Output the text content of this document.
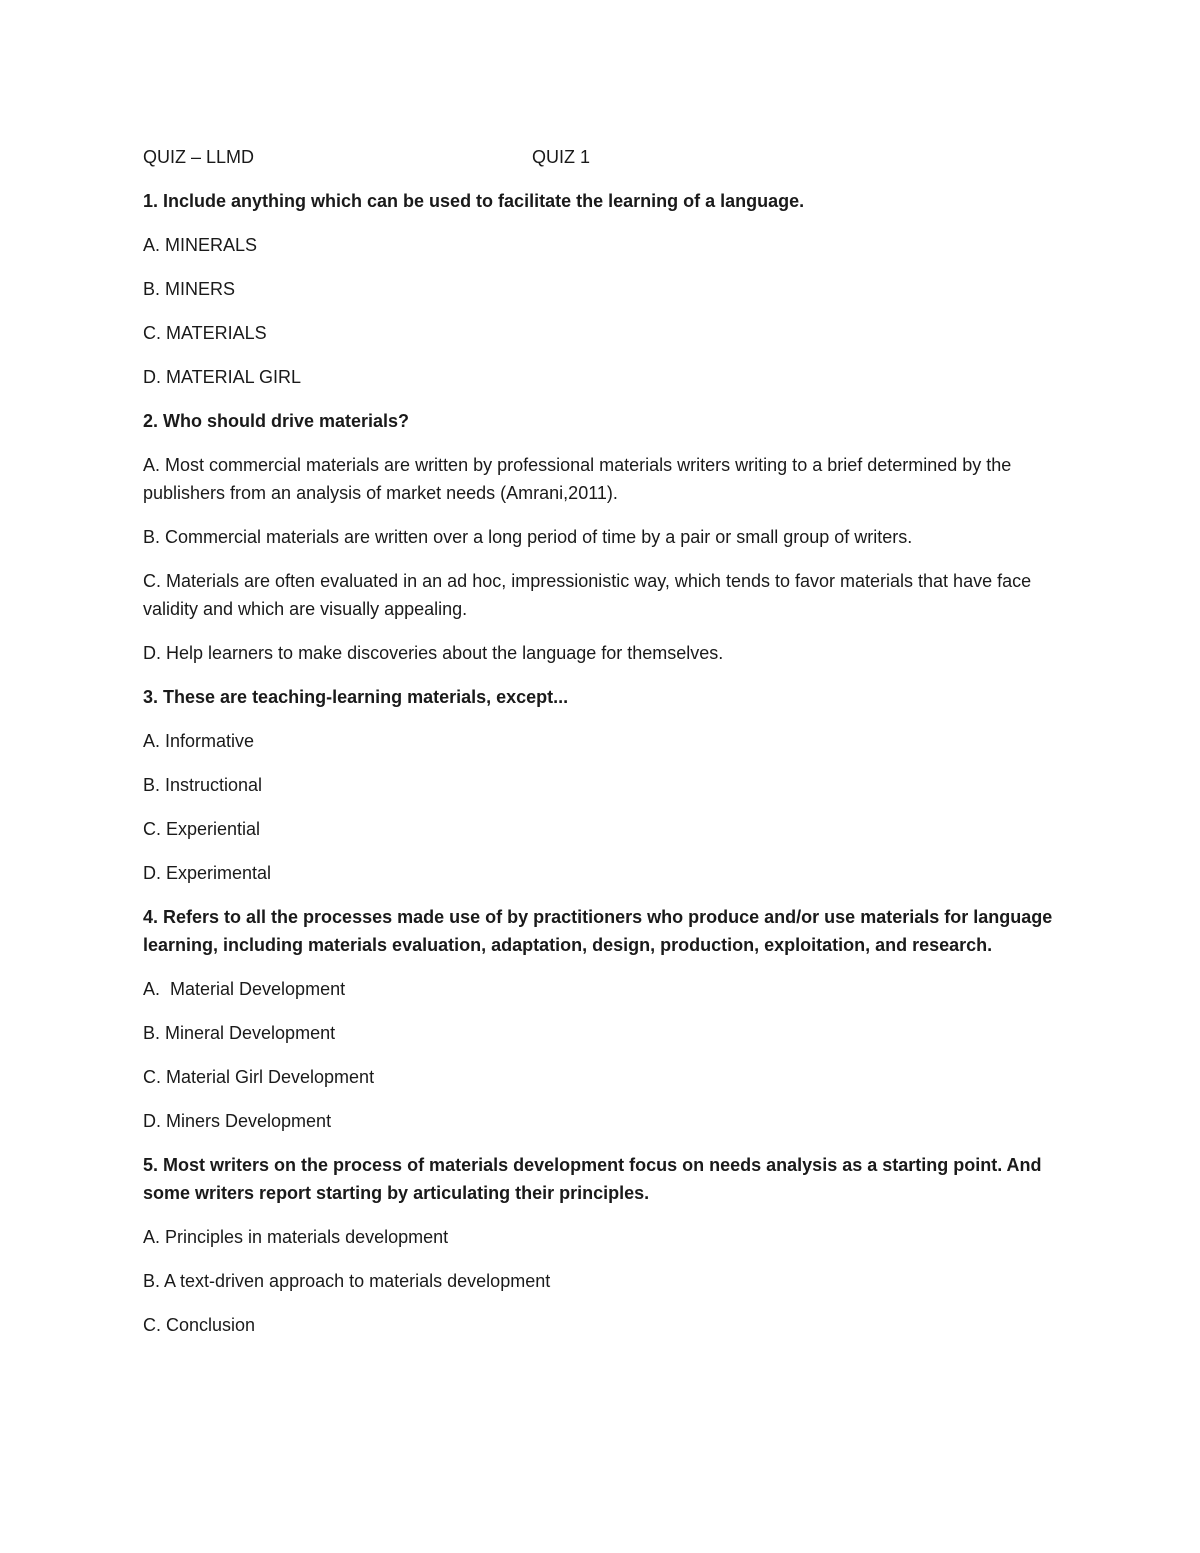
QUIZ – LLMD	QUIZ 1

1. Include anything which can be used to facilitate the learning of a language.

A. MINERALS

B. MINERS

C. MATERIALS

D. MATERIAL GIRL

2. Who should drive materials?

A. Most commercial materials are written by professional materials writers writing to a brief determined by the publishers from an analysis of market needs (Amrani,2011).

B. Commercial materials are written over a long period of time by a pair or small group of writers.

C. Materials are often evaluated in an ad hoc, impressionistic way, which tends to favor materials that have face validity and which are visually appealing.

D. Help learners to make discoveries about the language for themselves.

3. These are teaching-learning materials, except...

A. Informative

B. Instructional

C. Experiential

D. Experimental

4. Refers to all the processes made use of by practitioners who produce and/or use materials for language learning, including materials evaluation, adaptation, design, production, exploitation, and research.

A.  Material Development

B. Mineral Development

C. Material Girl Development

D. Miners Development

5. Most writers on the process of materials development focus on needs analysis as a starting point. And some writers report starting by articulating their principles.

A. Principles in materials development

B. A text-driven approach to materials development

C. Conclusion
